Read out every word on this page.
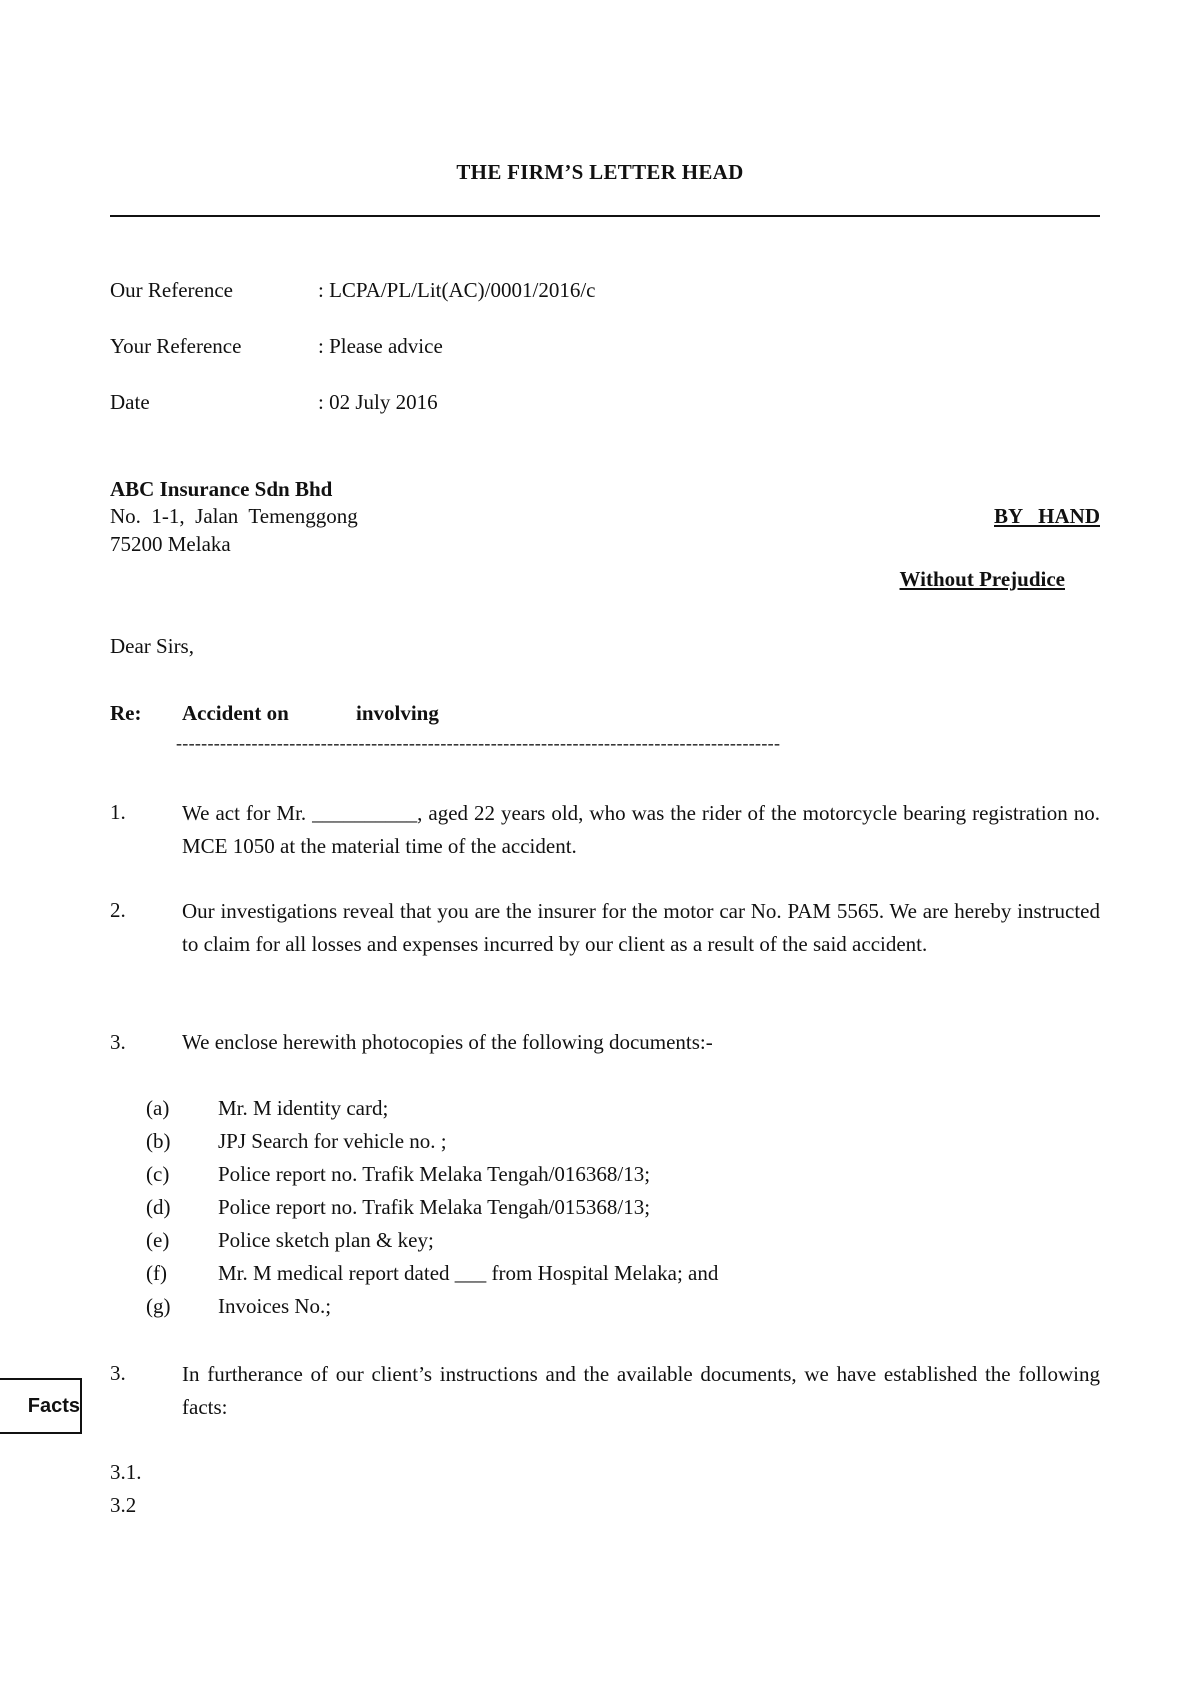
THE FIRM’S LETTER HEAD
Our Reference	: LCPA/PL/Lit(AC)/0001/2016/c
Your Reference	: Please advice
Date	: 02 July 2016
ABC Insurance Sdn Bhd
No.  1-1,  Jalan  Temenggong
75200 Melaka
BY   HAND
Without Prejudice
Dear Sirs,
Re: Accident on	involving
------------------------------------------------------------------------------------------------
1.	We act for Mr. __________, aged 22 years old, who was the rider of the motorcycle bearing registration no. MCE 1050 at the material time of the accident.
2.	Our investigations reveal that you are the insurer for the motor car No. PAM 5565. We are hereby instructed to claim for all losses and expenses incurred by our client as a result of the said accident.
3.	We enclose herewith photocopies of the following documents:-
(a) Mr. M identity card;
(b) JPJ Search for vehicle no. ;
(c) Police report no. Trafik Melaka Tengah/016368/13;
(d) Police report no. Trafik Melaka Tengah/015368/13;
(e) Police sketch plan & key;
(f) Mr. M medical report dated ___ from Hospital Melaka; and
(g) Invoices No.;
Facts
3.	In furtherance of our client’s instructions and the available documents, we have established the following facts:
3.1.
3.2
